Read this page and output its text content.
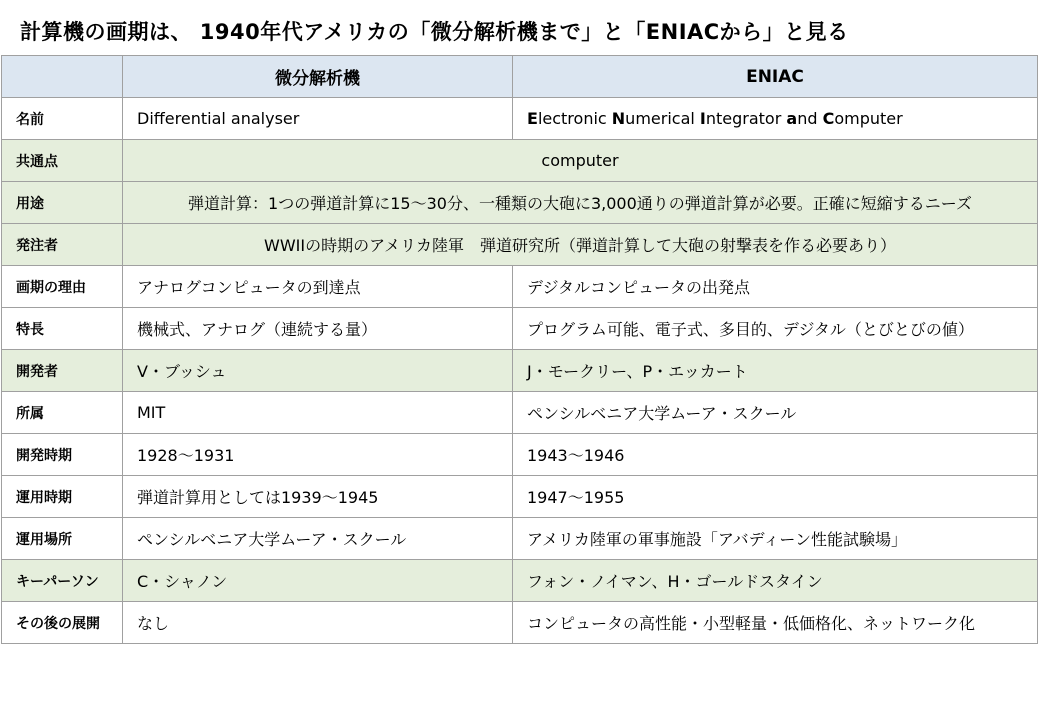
計算機の画期は、 1940年代アメリカの「微分解析機まで」と「ENIACから」と見る
	微分解析機	ENIAC
名前	Differential analyser	Electronic Numerical Integrator and Computer
共通点	computer	
用途	弾道計算：1つの弾道計算に15～30分、一種類の大砲に3,000通りの弾道計算が必要。正確に短縮するニーズ	
発注者	WWIIの時期のアメリカ陸軍　弾道研究所（弾道計算して大砲の射撃表を作る必要あり）	
画期の理由	アナログコンピュータの到達点	デジタルコンピュータの出発点
特長	機械式、アナログ（連続する量）	プログラム可能、電子式、多目的、デジタル（とびとびの値）
開発者	V・ブッシュ	J・モークリー、P・エッカート
所属	MIT	ペンシルベニア大学ムーア・スクール
開発時期	1928～1931	1943～1946
運用時期	弾道計算用としては1939～1945	1947～1955
運用場所	ペンシルベニア大学ムーア・スクール	アメリカ陸軍の軍事施設「アバディーン性能試験場」
キーパーソン	C・シャノン	フォン・ノイマン、H・ゴールドスタイン
その後の展開	なし	コンピュータの高性能・小型軽量・低価格化、ネットワーク化
